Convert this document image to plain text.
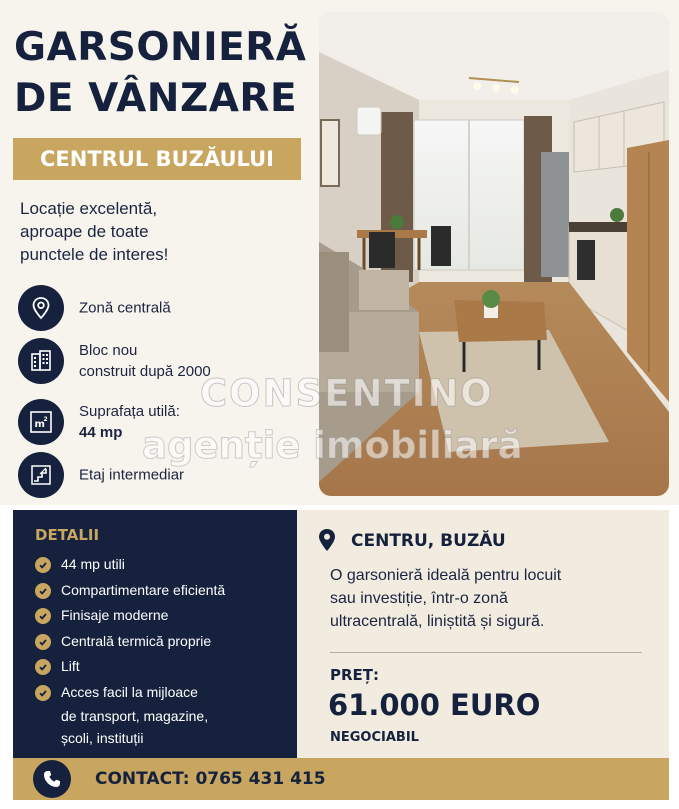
GARSONIERĂ
DE VÂNZARE
CENTRUL BUZĂULUI
Locație excelentă,
aproape de toate
punctele de interes!
Zonă centrală
Bloc nou
construit după 2000
m
2 Suprafața utilă:
44 mp
Etaj intermediar
CONSENTINO
agenție imobiliară
DETALII
44 mp utili
Compartimentare eficientă
Finisaje moderne
Centrală termică proprie
Lift
Acces facil la mijloace
de transport, magazine,
școli, instituții
CENTRU, BUZĂU
O garsonieră ideală pentru locuit
sau investiție, într-o zonă
ultracentrală, liniștită și sigură.
PREȚ:
61.000 EURO
NEGOCIABIL
CONTACT: 0765 431 415
